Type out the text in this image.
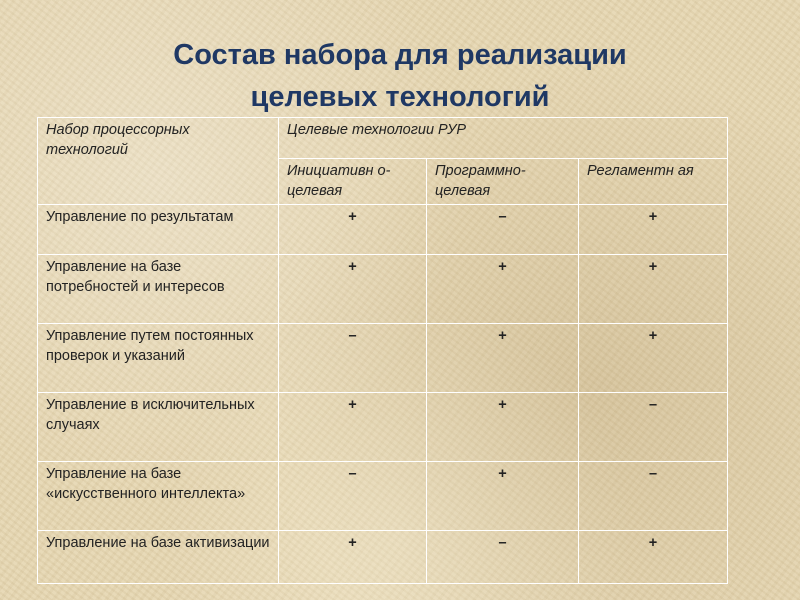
Состав набора для реализации
целевых технологий
Набор процессорных технологий	Целевые технологии РУР		
	Инициативн о-целевая	Программно- целевая	Регламентн ая
Управление по результатам	+	–	+
Управление на базе потребностей и интересов	+	+	+
Управление путем постоянных проверок и указаний	–	+	+
Управление в исключительных случаях	+	+	–
Управление на базе «искусственного интеллекта»	–	+	–
Управление на базе активизации	+	–	+
